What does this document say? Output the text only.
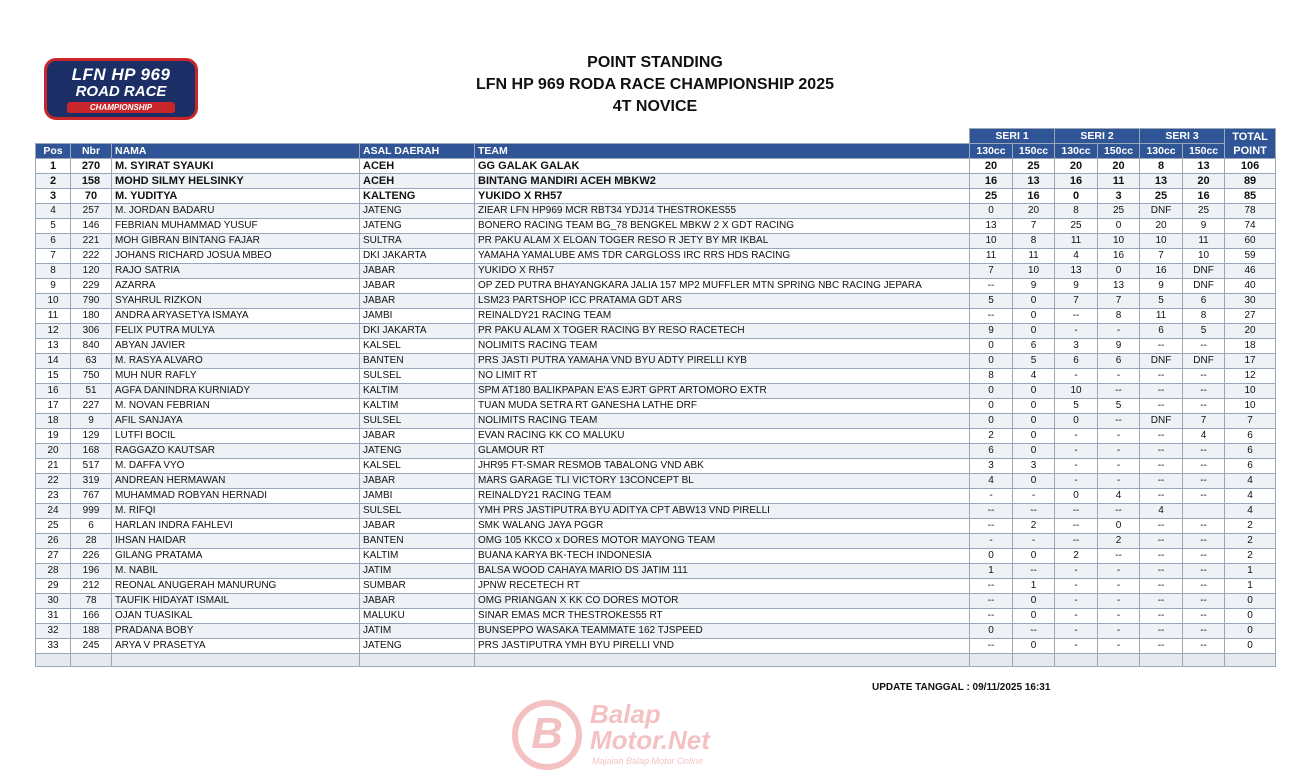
LFN HP 969
ROAD RACE
CHAMPIONSHIP
POINT STANDING
LFN HP 969 RODA RACE CHAMPIONSHIP 2025
4T NOVICE
					SERI 1		SERI 2		SERI 3		TOTAL POINT
Pos	Nbr	NAMA	ASAL DAERAH	TEAM	130cc	150cc	130cc	150cc	130cc	150cc	
1	270	M. SYIRAT SYAUKI	ACEH	GG GALAK GALAK	20	25	20	20	8	13	106
2	158	MOHD SILMY HELSINKY	ACEH	BINTANG MANDIRI ACEH MBKW2	16	13	16	11	13	20	89
3	70	M. YUDITYA	KALTENG	YUKIDO X RH57	25	16	0	3	25	16	85
4	257	M. JORDAN BADARU	JATENG	ZIEAR LFN HP969 MCR RBT34 YDJ14 THESTROKES55	0	20	8	25	DNF	25	78
5	146	FEBRIAN MUHAMMAD YUSUF	JATENG	BONERO RACING TEAM BG_78 BENGKEL MBKW 2 X GDT RACING	13	7	25	0	20	9	74
6	221	MOH GIBRAN BINTANG FAJAR	SULTRA	PR PAKU ALAM X ELOAN TOGER RESO R JETY BY MR IKBAL	10	8	11	10	10	11	60
7	222	JOHANS RICHARD JOSUA MBEO	DKI JAKARTA	YAMAHA YAMALUBE AMS TDR CARGLOSS IRC RRS HDS RACING	11	11	4	16	7	10	59
8	120	RAJO SATRIA	JABAR	YUKIDO X RH57	7	10	13	0	16	DNF	46
9	229	AZARRA	JABAR	OP ZED PUTRA BHAYANGKARA JALIA 157 MP2 MUFFLER MTN SPRING NBC RACING JEPARA	--	9	9	13	9	DNF	40
10	790	SYAHRUL RIZKON	JABAR	LSM23 PARTSHOP ICC PRATAMA GDT ARS	5	0	7	7	5	6	30
11	180	ANDRA ARYASETYA ISMAYA	JAMBI	REINALDY21 RACING TEAM	--	0	--	8	11	8	27
12	306	FELIX PUTRA MULYA	DKI JAKARTA	PR PAKU ALAM X TOGER RACING BY RESO RACETECH	9	0	-	-	6	5	20
13	840	ABYAN JAVIER	KALSEL	NOLIMITS RACING TEAM	0	6	3	9	--	--	18
14	63	M. RASYA ALVARO	BANTEN	PRS JASTI PUTRA YAMAHA VND BYU ADTY PIRELLI KYB	0	5	6	6	DNF	DNF	17
15	750	MUH NUR RAFLY	SULSEL	NO LIMIT RT	8	4	-	-	--	--	12
16	51	AGFA DANINDRA KURNIADY	KALTIM	SPM AT180 BALIKPAPAN E'AS EJRT GPRT ARTOMORO EXTR	0	0	10	--	--	--	10
17	227	M. NOVAN FEBRIAN	KALTIM	TUAN MUDA SETRA RT GANESHA LATHE DRF	0	0	5	5	--	--	10
18	9	AFIL SANJAYA	SULSEL	NOLIMITS RACING TEAM	0	0	0	--	DNF	7	7
19	129	LUTFI BOCIL	JABAR	EVAN RACING KK CO MALUKU	2	0	-	-	--	4	6
20	168	RAGGAZO KAUTSAR	JATENG	GLAMOUR RT	6	0	-	-	--	--	6
21	517	M. DAFFA VYO	KALSEL	JHR95 FT-SMAR RESMOB TABALONG VND ABK	3	3	-	-	--	--	6
22	319	ANDREAN HERMAWAN	JABAR	MARS GARAGE TLI VICTORY 13CONCEPT BL	4	0	-	-	--	--	4
23	767	MUHAMMAD ROBYAN HERNADI	JAMBI	REINALDY21 RACING TEAM	-	-	0	4	--	--	4
24	999	M. RIFQI	SULSEL	YMH PRS JASTIPUTRA BYU ADITYA CPT ABW13 VND PIRELLI	--	--	--	--	4		4
25	6	HARLAN INDRA FAHLEVI	JABAR	SMK WALANG JAYA PGGR	--	2	--	0	--	--	2
26	28	IHSAN HAIDAR	BANTEN	OMG 105 KKCO x DORES MOTOR MAYONG TEAM	-	-	--	2	--	--	2
27	226	GILANG PRATAMA	KALTIM	BUANA KARYA BK-TECH INDONESIA	0	0	2	--	--	--	2
28	196	M. NABIL	JATIM	BALSA WOOD CAHAYA MARIO DS JATIM 111	1	--	-	-	--	--	1
29	212	REONAL ANUGERAH MANURUNG	SUMBAR	JPNW RECETECH RT	--	1	-	-	--	--	1
30	78	TAUFIK HIDAYAT ISMAIL	JABAR	OMG PRIANGAN X KK CO DORES MOTOR	--	0	-	-	--	--	0
31	166	OJAN TUASIKAL	MALUKU	SINAR EMAS MCR THESTROKES55 RT	--	0	-	-	--	--	0
32	188	PRADANA BOBY	JATIM	BUNSEPPO WASAKA TEAMMATE 162 TJSPEED	0	--	-	-	--	--	0
33	245	ARYA V PRASETYA	JATENG	PRS JASTIPUTRA YMH BYU PIRELLI VND	--	0	-	-	--	--	0

UPDATE TANGGAL : 09/11/2025 16:31
B	Balap
Motor.Net
Majalah Balap Motor Online
